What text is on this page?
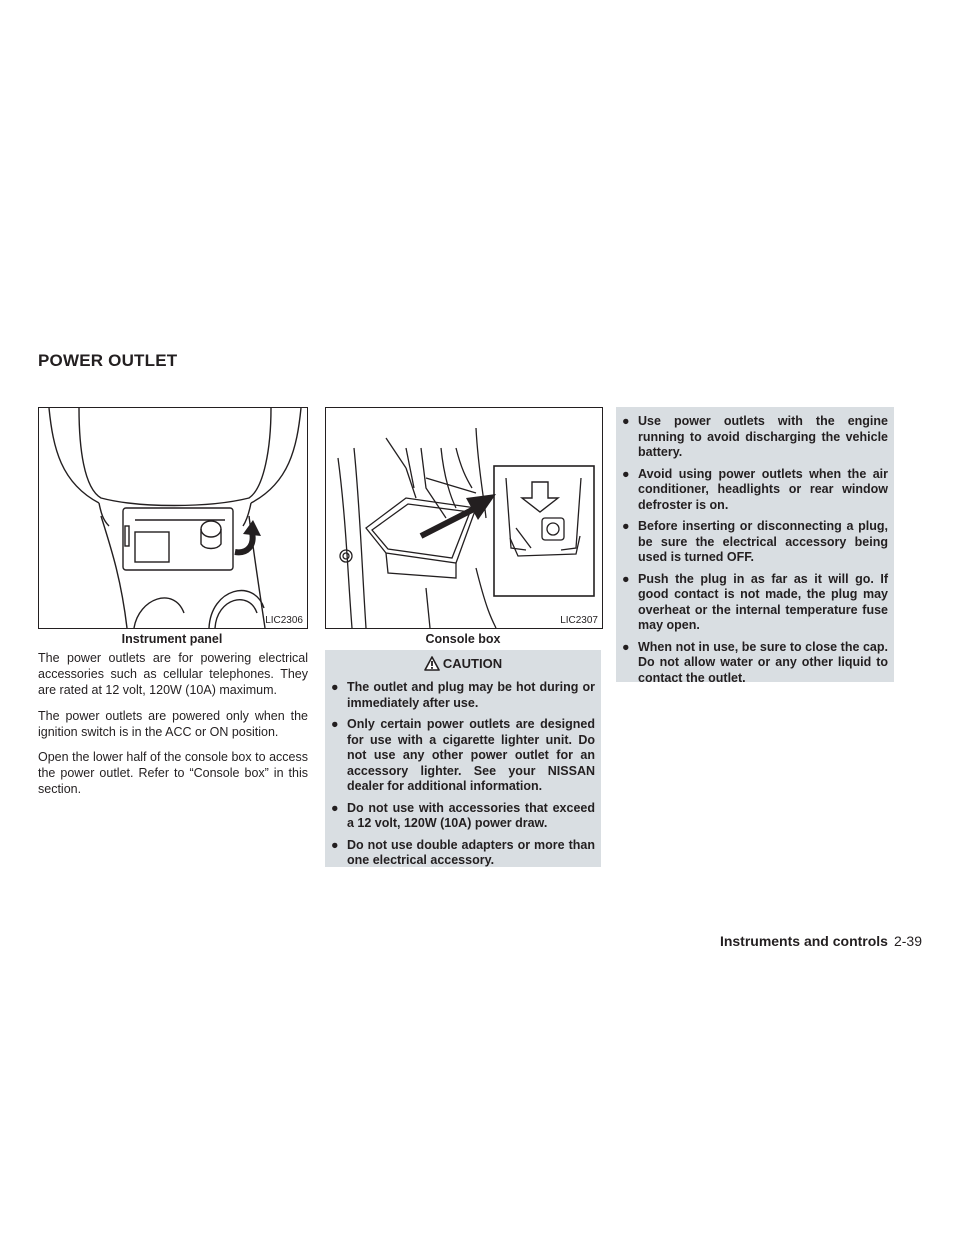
POWER OUTLET
LIC2306
Instrument panel
LIC2307
Console box

The power outlets are for powering electrical accessories such as cellular telephones. They are rated at 12 volt, 120W (10A) maximum.

The power outlets are powered only when the ignition switch is in the ACC or ON position.

Open the lower half of the console box to access the power outlet. Refer to “Console box” in this section.

CAUTION
● The outlet and plug may be hot during or immediately after use.
● Only certain power outlets are designed for use with a cigarette lighter unit. Do not use any other power outlet for an accessory lighter. See your NISSAN dealer for additional information.
● Do not use with accessories that exceed a 12 volt, 120W (10A) power draw.
● Do not use double adapters or more than one electrical accessory.
● Use power outlets with the engine running to avoid discharging the vehicle battery.
● Avoid using power outlets when the air conditioner, headlights or rear window defroster is on.
● Before inserting or disconnecting a plug, be sure the electrical accessory being used is turned OFF.
● Push the plug in as far as it will go. If good contact is not made, the plug may overheat or the internal temperature fuse may open.
● When not in use, be sure to close the cap. Do not allow water or any other liquid to contact the outlet.
Instruments and controls 2-39
